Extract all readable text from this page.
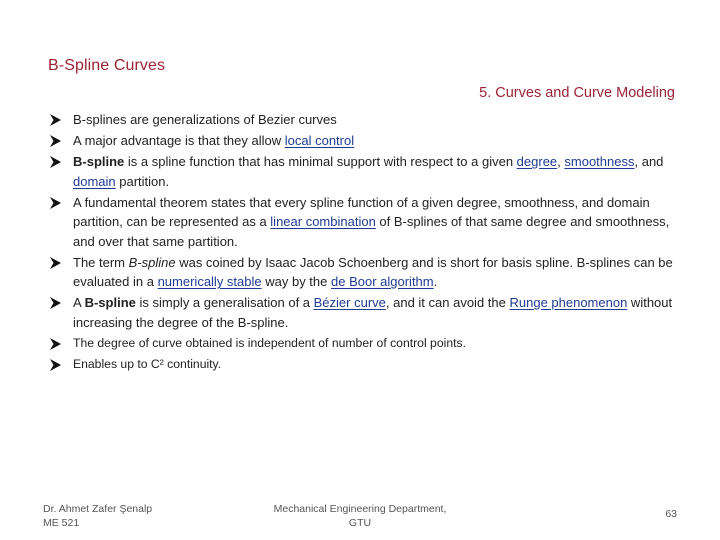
B-Spline Curves
5. Curves and Curve Modeling
B-splines are generalizations of Bezier curves
A major advantage is that they allow local control
B-spline is a spline function that has minimal support with respect to a given degree, smoothness, and domain partition.
A fundamental theorem states that every spline function of a given degree, smoothness, and domain partition, can be represented as a linear combination of B-splines of that same degree and smoothness, and over that same partition.
The term B-spline was coined by Isaac Jacob Schoenberg and is short for basis spline. B-splines can be evaluated in a numerically stable way by the de Boor algorithm.
A B-spline is simply a generalisation of a Bézier curve, and it can avoid the Runge phenomenon without increasing the degree of the B-spline.
The degree of curve obtained is independent of number of control points.
Enables up to C² continuity.
Dr. Ahmet Zafer Şenalp
ME 521
Mechanical Engineering Department,
GTU
63
